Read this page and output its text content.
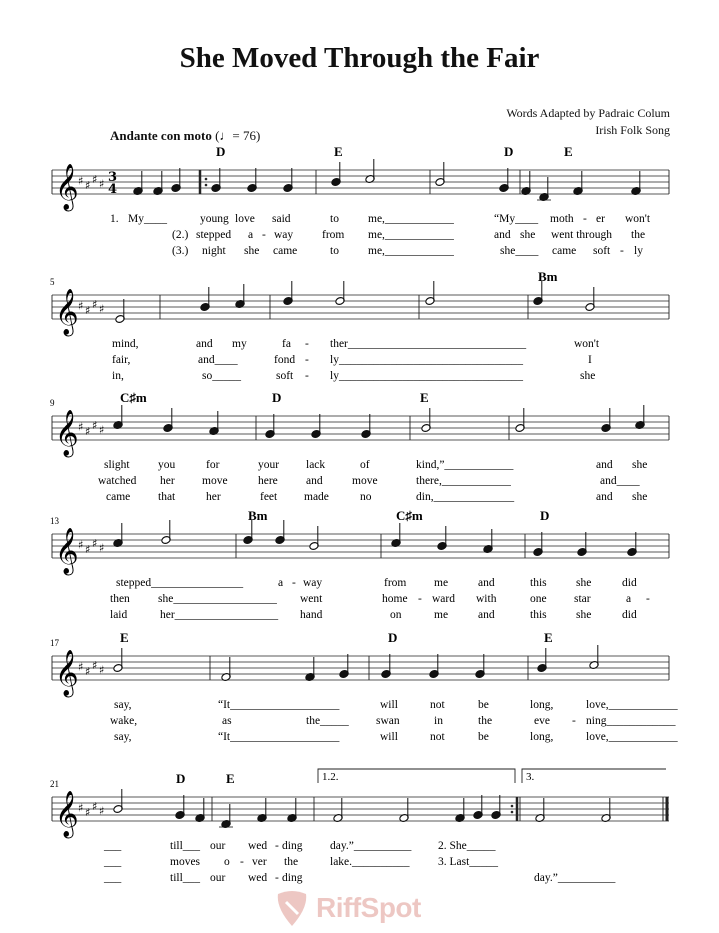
She Moved Through the Fair
Words Adapted by Padraic Colum
Irish Folk Song
Andante con moto (♩= 76)
𝄞 ♯ ♯ ♯ ♯ 3
4
D	E	D	E
1. My____	young love said	to	me,____________	“My____ moth - er won't
(2.) stepped a - way	from me,____________	and she went through the
(3.) night she came	to	me,____________	she____ came soft - ly
𝄞 ♯ ♯ ♯ ♯
5	Bm
mind,	and my	fa - ther_______________________________	won't
fair,	and____	fond - ly________________________________	I
in,	so_____	soft - ly________________________________	she
𝄞 ♯ ♯ ♯ ♯
9	C♯m	D	E
slight you	for	your lack	of	kind,”____________	and she
watched her move	here and	move	there,____________	and____
came that	her	feet made	no	din,______________	and she
𝄞 ♯ ♯ ♯ ♯
13	Bm	C♯m	D
stepped________________	a - way	from me	and	this	she	did
then she__________________ went	home - ward with	one star	a -
laid	her__________________ hand	on	me	and	this	she	did
𝄞 ♯ ♯ ♯ ♯
17	E	D	E
say,	“It___________________	will	not	be	long,	love,____________
wake,	as	the_____ swan	in	the	eve - ning____________
say,	“It___________________	will	not	be	long,	love,____________
𝄞 ♯ ♯ ♯ ♯
21	D	E	1.2.	3.
___	till___ our wed - ding day.”__________ 2. She_____
___	moves o - ver the	lake.__________ 3. Last_____
___	till___ our wed - ding	day.”__________
RiffSpot
